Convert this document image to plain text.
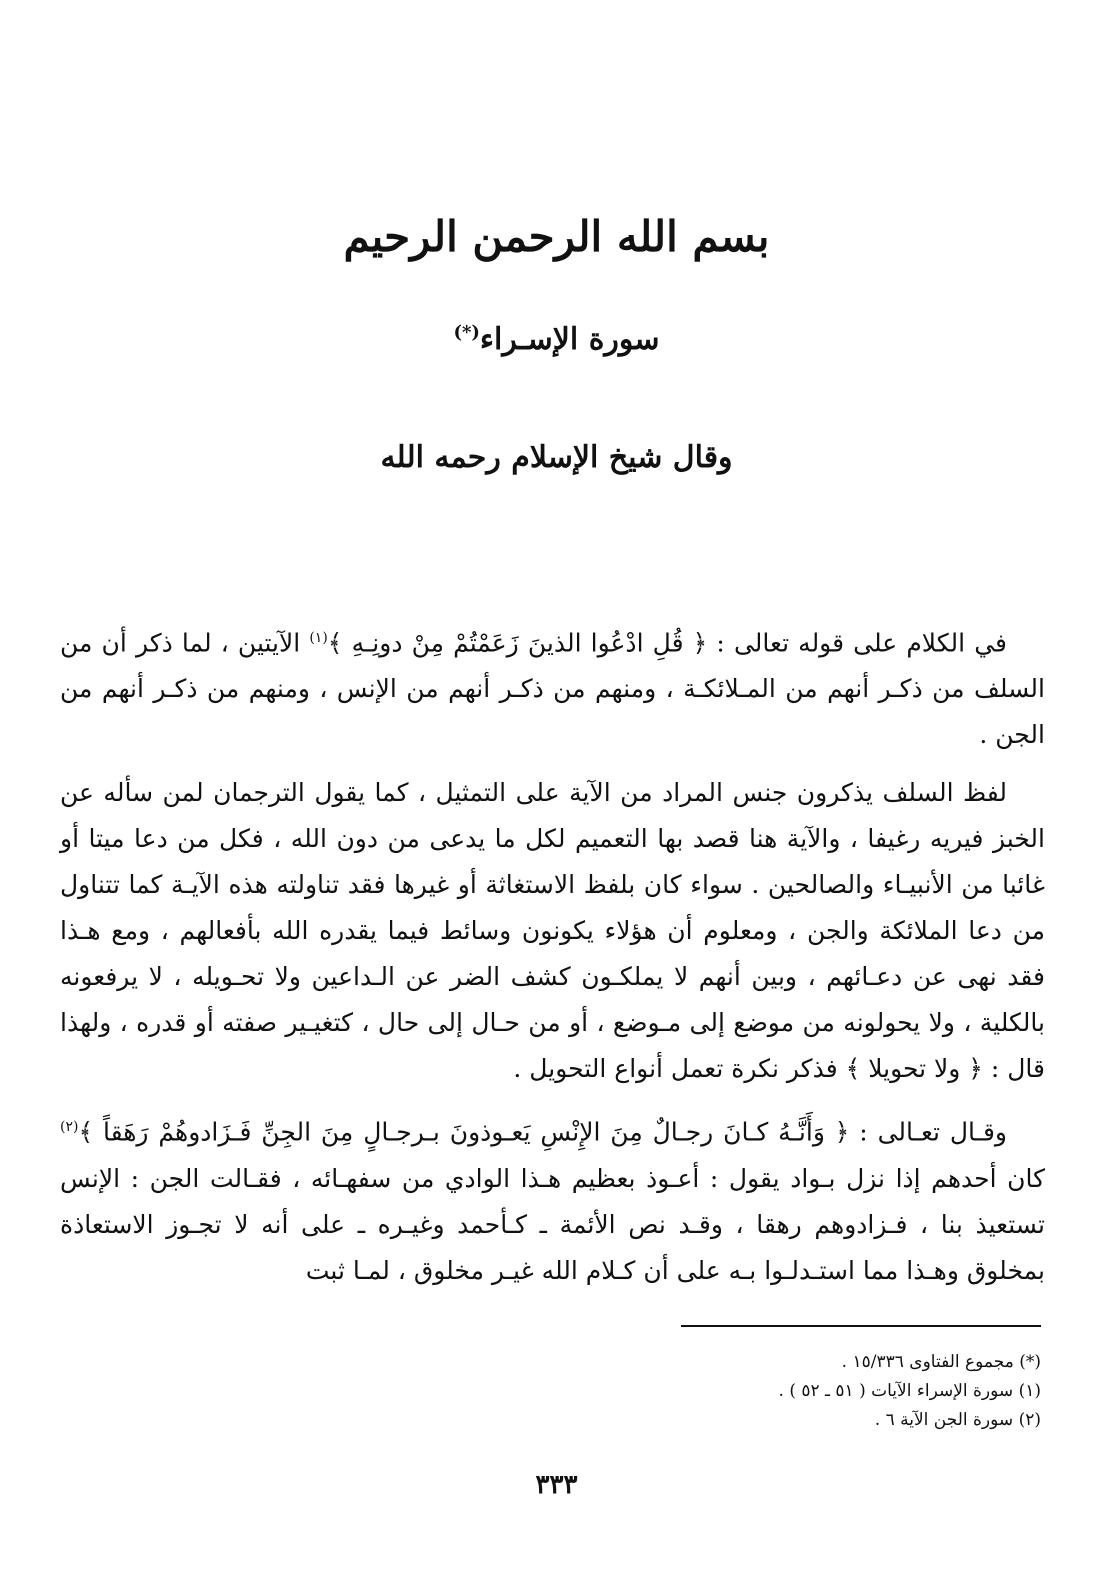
بسم الله الرحمن الرحيم
سورة الإسـراء(*)
وقال شيخ الإسلام رحمه الله

في الكلام على قوله تعالى : ﴿ قُلِ ادْعُوا الذينَ زَعَمْتُمْ مِنْ دونِـهِ ﴾$^{(١)}$ الآيتين ، لما ذكر أن من السلف من ذكـر أنهم من المـلائكـة ، ومنهم من ذكـر أنهم من الإنس ، ومنهم من ذكـر أنهم من الجن .

لفظ السلف يذكرون جنس المراد من الآية على التمثيل ، كما يقول الترجمان لمن سأله عن الخبز فيريه رغيفا ، والآية هنا قصد بها التعميم لكل ما يدعى من دون الله ، فكل من دعا ميتا أو غائبا من الأنبيـاء والصالحين . سواء كان بلفظ الاستغاثة أو غيرها فقد تناولته هذه الآيـة كما تتناول من دعا الملائكة والجن ، ومعلوم أن هؤلاء يكونون وسائط فيما يقدره الله بأفعالهم ، ومع هـذا فقد نهى عن دعـائهم ، وبين أنهم لا يملكـون كشف الضر عن الـداعين ولا تحـويله ، لا يرفعونه بالكلية ، ولا يحولونه من موضع إلى مـوضع ، أو من حـال إلى حال ، كتغيـير صفته أو قدره ، ولهذا قال : ﴿ ولا تحويلا ﴾ فذكر نكرة تعمل أنواع التحويل .

وقـال تعـالى : ﴿ وَأَنَّـهُ كـانَ رجـالٌ مِنَ الإِنْسِ يَعـوذونَ بـرجـالٍ مِنَ الجِنِّ فَـزَادوهُمْ رَهَقاً ﴾$^{(٢)}$ كان أحدهم إذا نزل بـواد يقول : أعـوذ بعظيم هـذا الوادي من سفهـائه ، فقـالت الجن : الإنس تستعيذ بنا ، فـزادوهم رهقا ، وقـد نص الأئمة ـ كـأحمد وغيـره ـ على أنه لا تجـوز الاستعاذة بمخلوق وهـذا مما استـدلـوا بـه على أن كـلام الله غيـر مخلوق ، لمـا ثبت

(*) مجموع الفتاوى ١٥/٣٣٦ .

(١) سورة الإسراء الآيات ( ٥١ ـ ٥٢ ) .

(٢) سورة الجن الآية ٦ .

٣٣٣
